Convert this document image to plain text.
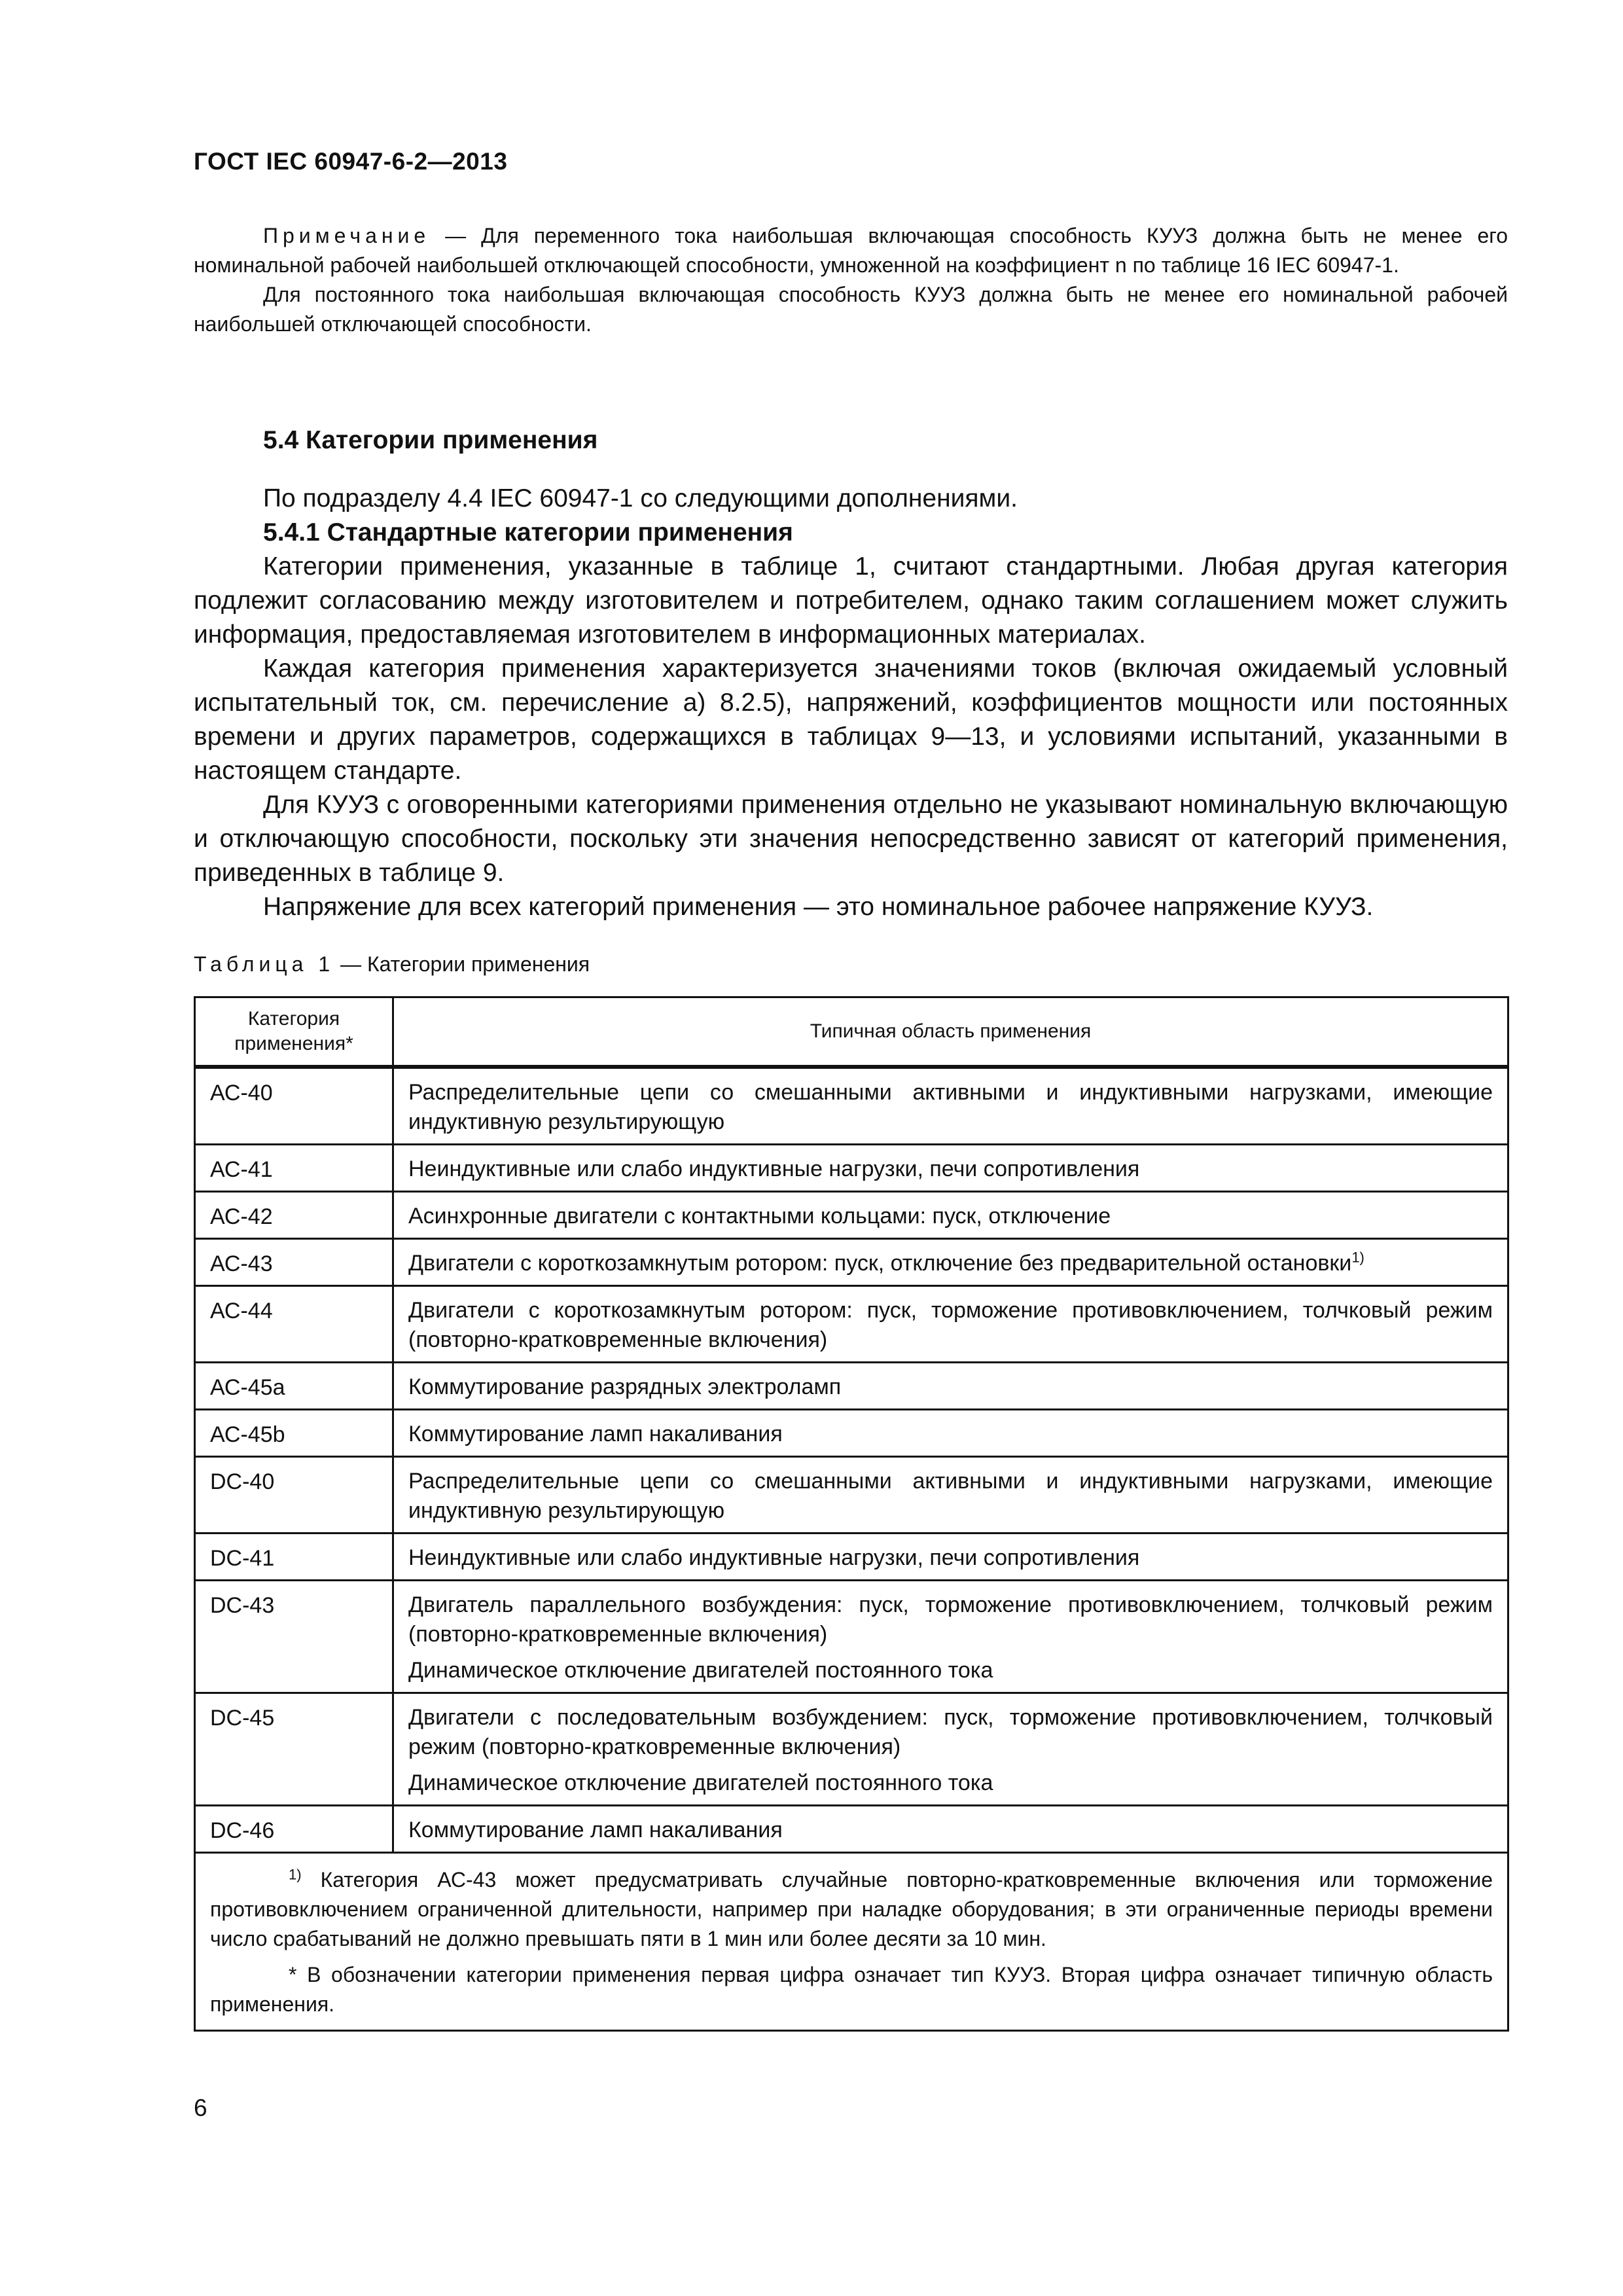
ГОСТ IEC 60947-6-2—2013

Примечание — Для переменного тока наибольшая включающая способность КУУЗ должна быть не менее его номинальной рабочей наибольшей отключающей способности, умноженной на коэффициент n по таблице 16 IEC 60947-1.

Для постоянного тока наибольшая включающая способность КУУЗ должна быть не менее его номинальной рабочей наибольшей отключающей способности.

5.4 Категории применения

По подразделу 4.4 IEC 60947-1 со следующими дополнениями.

5.4.1 Стандартные категории применения

Категории применения, указанные в таблице 1, считают стандартными. Любая другая категория подлежит согласованию между изготовителем и потребителем, однако таким соглашением может служить информация, предоставляемая изготовителем в информационных материалах.

Каждая категория применения характеризуется значениями токов (включая ожидаемый условный испытательный ток, см. перечисление а) 8.2.5), напряжений, коэффициентов мощности или постоянных времени и других параметров, содержащихся в таблицах 9—13, и условиями испытаний, указанными в настоящем стандарте.

Для КУУЗ с оговоренными категориями применения отдельно не указывают номинальную включающую и отключающую способности, поскольку эти значения непосредственно зависят от категорий применения, приведенных в таблице 9.

Напряжение для всех категорий применения — это номинальное рабочее напряжение КУУЗ.

Таблица 1 — Категории применения
Категория применения*	Типичная область применения
АС-40	Распределительные цепи со смешанными активными и индуктивными нагрузками, имеющие индуктивную результирующую
АС-41	Неиндуктивные или слабо индуктивные нагрузки, печи сопротивления
АС-42	Асинхронные двигатели с контактными кольцами: пуск, отключение
АС-43	Двигатели с короткозамкнутым ротором: пуск, отключение без предварительной остановки$^{1)}$
АС-44	Двигатели с короткозамкнутым ротором: пуск, торможение противовключением, толчковый режим (повторно-кратковременные включения)
АС-45а	Коммутирование разрядных электроламп
АС-45b	Коммутирование ламп накаливания
DC-40	Распределительные цепи со смешанными активными и индуктивными нагрузками, имеющие индуктивную результирующую
DC-41	Неиндуктивные или слабо индуктивные нагрузки, печи сопротивления
DC-43	Двигатель параллельного возбуждения: пуск, торможение противовключением, толчковый режим (повторно-кратковременные включения)
Динамическое отключение двигателей постоянного тока

DC-45	Двигатели с последовательным возбуждением: пуск, торможение противовключением, толчковый режим (повторно-кратковременные включения)
Динамическое отключение двигателей постоянного тока

DC-46	Коммутирование ламп накаливания

$^{1)}$ Категория АС-43 может предусматривать случайные повторно-кратковременные включения или торможение противовключением ограниченной длительности, например при наладке оборудования; в эти ограниченные периоды времени число срабатываний не должно превышать пяти в 1 мин или более десяти за 10 мин.

* В обозначении категории применения первая цифра означает тип КУУЗ. Вторая цифра означает типичную область применения.	

6
